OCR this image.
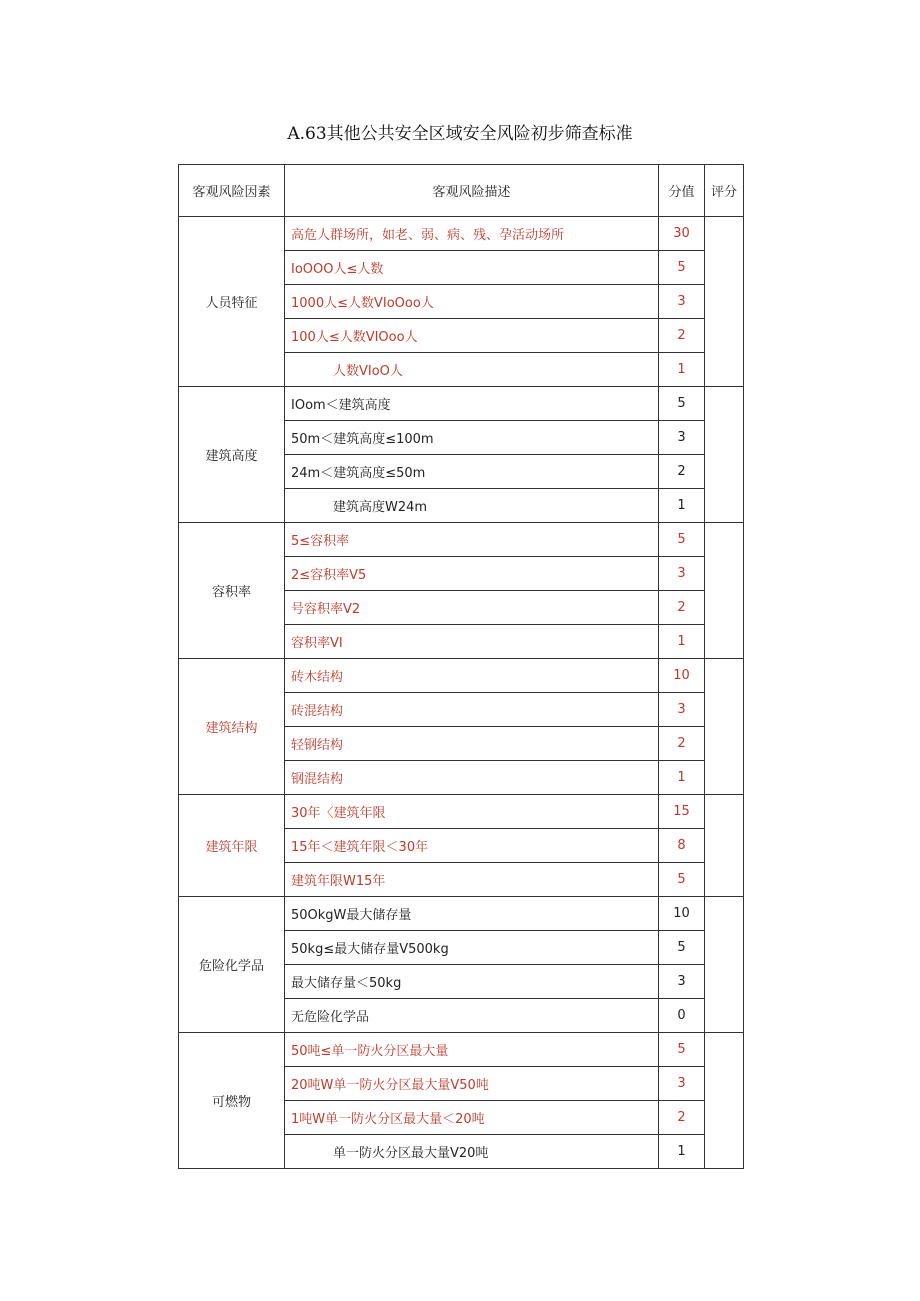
A.63其他公共安全区域安全风险初步筛查标准
客观风险因素	客观风险描述	分值	评分
人员特征	高危人群场所，如老、弱、病、残、孕活动场所	30	
	IoOOO人≤人数	5	
	1000人≤人数VIoOoo人	3	
	100人≤人数VIOoo人	2	
	人数VIoO人	1	
建筑高度	IOom＜建筑高度	5	
	50m＜建筑高度≤100m	3	
	24m＜建筑高度≤50m	2	
	建筑高度W24m	1	
容积率	5≤容积率	5	
	2≤容积率V5	3	
	号容积率V2	2	
	容积率VI	1	
建筑结构	砖木结构	10	
	砖混结构	3	
	轻钢结构	2	
	钢混结构	1	
建筑年限	30年〈建筑年限	15	
	15年＜建筑年限＜30年	8	
	建筑年限W15年	5	
危险化学品	50OkgW最大储存量	10	
	50kg≤最大储存量V500kg	5	
	最大储存量＜50kg	3	
	无危险化学品	0	
可燃物	50吨≤单一防火分区最大量	5	
	20吨W单一防火分区最大量V50吨	3	
	1吨W单一防火分区最大量＜20吨	2	
	单一防火分区最大量V20吨	1	
